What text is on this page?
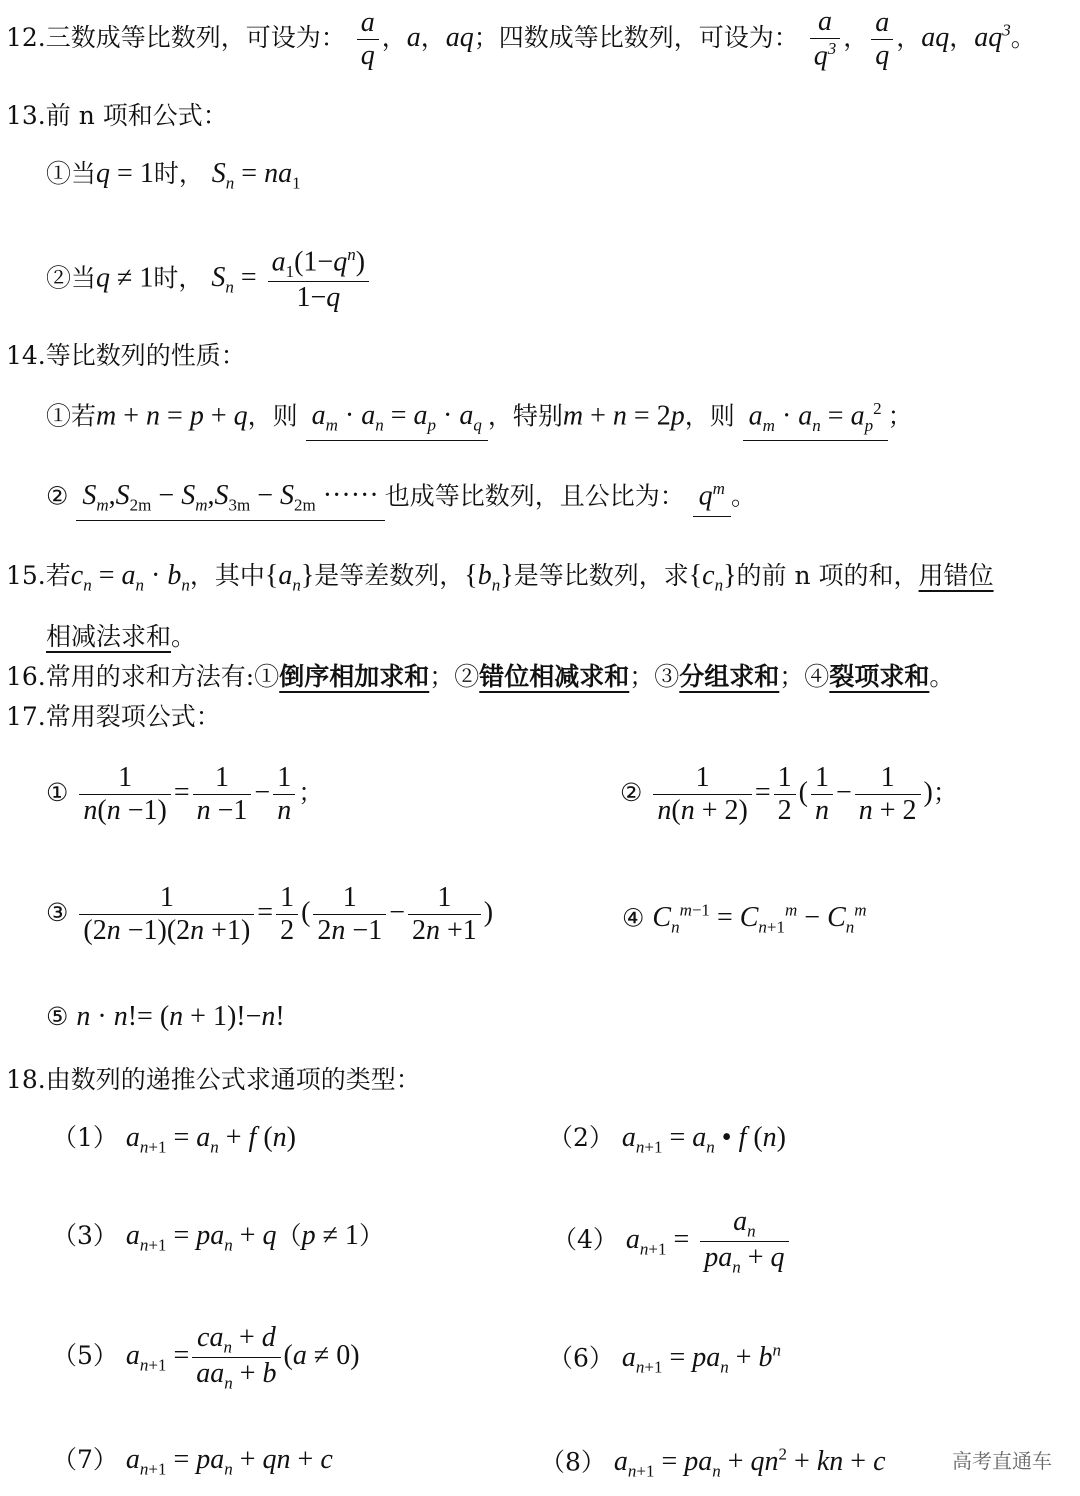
12.三数成等比数列，可设为： $\frac{a}{q}$ ，a，aq；四数成等比数列，可设为： $\frac{a}{q^3}$ ， $\frac{a}{q}$ ，aq，$aq^3$。
13.前 n 项和公式：
①当q = 1时， $S_n = na_1$
②当q ≠ 1时， $S_n = \frac{a_1(1-q^n)}{1-q}$
14.等比数列的性质：
①若m + n = p + q，则 $a_m \cdot a_n = a_p \cdot a_q$ ，特别m + n = 2p，则 $a_m \cdot a_n = a_p^2$ ；
② $S_m,S_{2m} - S_m,S_{3m} - S_{2m}$ ······ 也成等比数列，且公比为： $q^m$ 。
15.若$c_n = a_n \cdot b_n$，其中$\{a_n\}$是等差数列，$\{b_n\}$是等比数列，求$\{c_n\}$的前 n 项的和，用错位
相减法求和。
16.常用的求和方法有:①倒序相加求和；②错位相减求和；③分组求和；④裂项求和。
17.常用裂项公式：
① $\frac{1}{n(n -1)} = \frac{1}{n -1} - \frac{1}{n}$ ；	② $\frac{1}{n(n + 2)} = \frac{1}{2}$ ( $\frac{1}{n} - \frac{1}{n + 2}$ )；
③ $\frac{1}{(2n -1)(2n +1)} = \frac{1}{2}$ ( $\frac{1}{2n -1} - \frac{1}{2n +1}$ )	④ $C_n^{m-1} = C_{n+1}^m - C_n^m$
⑤ n · n!= (n + 1)!−n!
18.由数列的递推公式求通项的类型：
（1） $a_{n+1} = a_n + f$ (n)	（2） $a_{n+1} = a_n$ • f (n)
（3） $a_{n+1} = pa_n + q(p \ne 1)$	（4） $a_{n+1} = \frac{a_n}{pa_n + q}$
（5） $a_{n+1} = \frac{ca_n + d}{aa_n + b} (a \ne 0)$	（6） $a_{n+1} = pa_n + b^n$
（7） $a_{n+1} = pa_n$ + qn + c	（8） $a_{n+1} = pa_n + qn^2$ + kn + c	高考直通车
